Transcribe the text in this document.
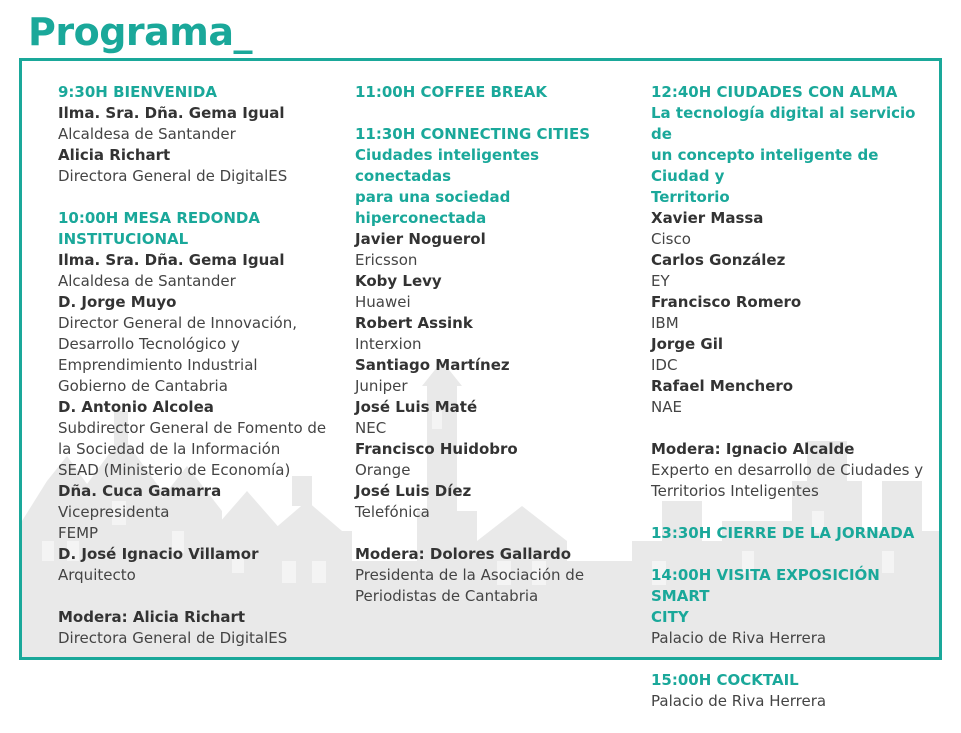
Programa_
9:30H BIENVENIDA
Ilma. Sra. Dña. Gema Igual
Alcaldesa de Santander
Alicia Richart
Directora General de DigitalES
10:00H MESA REDONDA
INSTITUCIONAL
Ilma. Sra. Dña. Gema Igual
Alcaldesa de Santander
D. Jorge Muyo
Director General de Innovación,
Desarrollo Tecnológico y
Emprendimiento Industrial
Gobierno de Cantabria
D. Antonio Alcolea
Subdirector General de Fomento de
la Sociedad de la Información
SEAD (Ministerio de Economía)
Dña. Cuca Gamarra
Vicepresidenta
FEMP
D. José Ignacio Villamor
Arquitecto
Modera: Alicia Richart
Directora General de DigitalES
11:00H COFFEE BREAK
11:30H CONNECTING CITIES
Ciudades inteligentes conectadas
para una sociedad hiperconectada
Javier Noguerol
Ericsson
Koby Levy
Huawei
Robert Assink
Interxion
Santiago Martínez
Juniper
José Luis Maté
NEC
Francisco Huidobro
Orange
José Luis Díez
Telefónica
Modera: Dolores Gallardo
Presidenta de la Asociación de
Periodistas de Cantabria
12:40H CIUDADES CON ALMA
La tecnología digital al servicio de
un concepto inteligente de Ciudad y
Territorio
Xavier Massa
Cisco
Carlos González
EY
Francisco Romero
IBM
Jorge Gil
IDC
Rafael Menchero
NAE
Modera: Ignacio Alcalde
Experto en desarrollo de Ciudades y
Territorios Inteligentes
13:30H CIERRE DE LA JORNADA
14:00H VISITA EXPOSICIÓN SMART
CITY
Palacio de Riva Herrera
15:00H COCKTAIL
Palacio de Riva Herrera
